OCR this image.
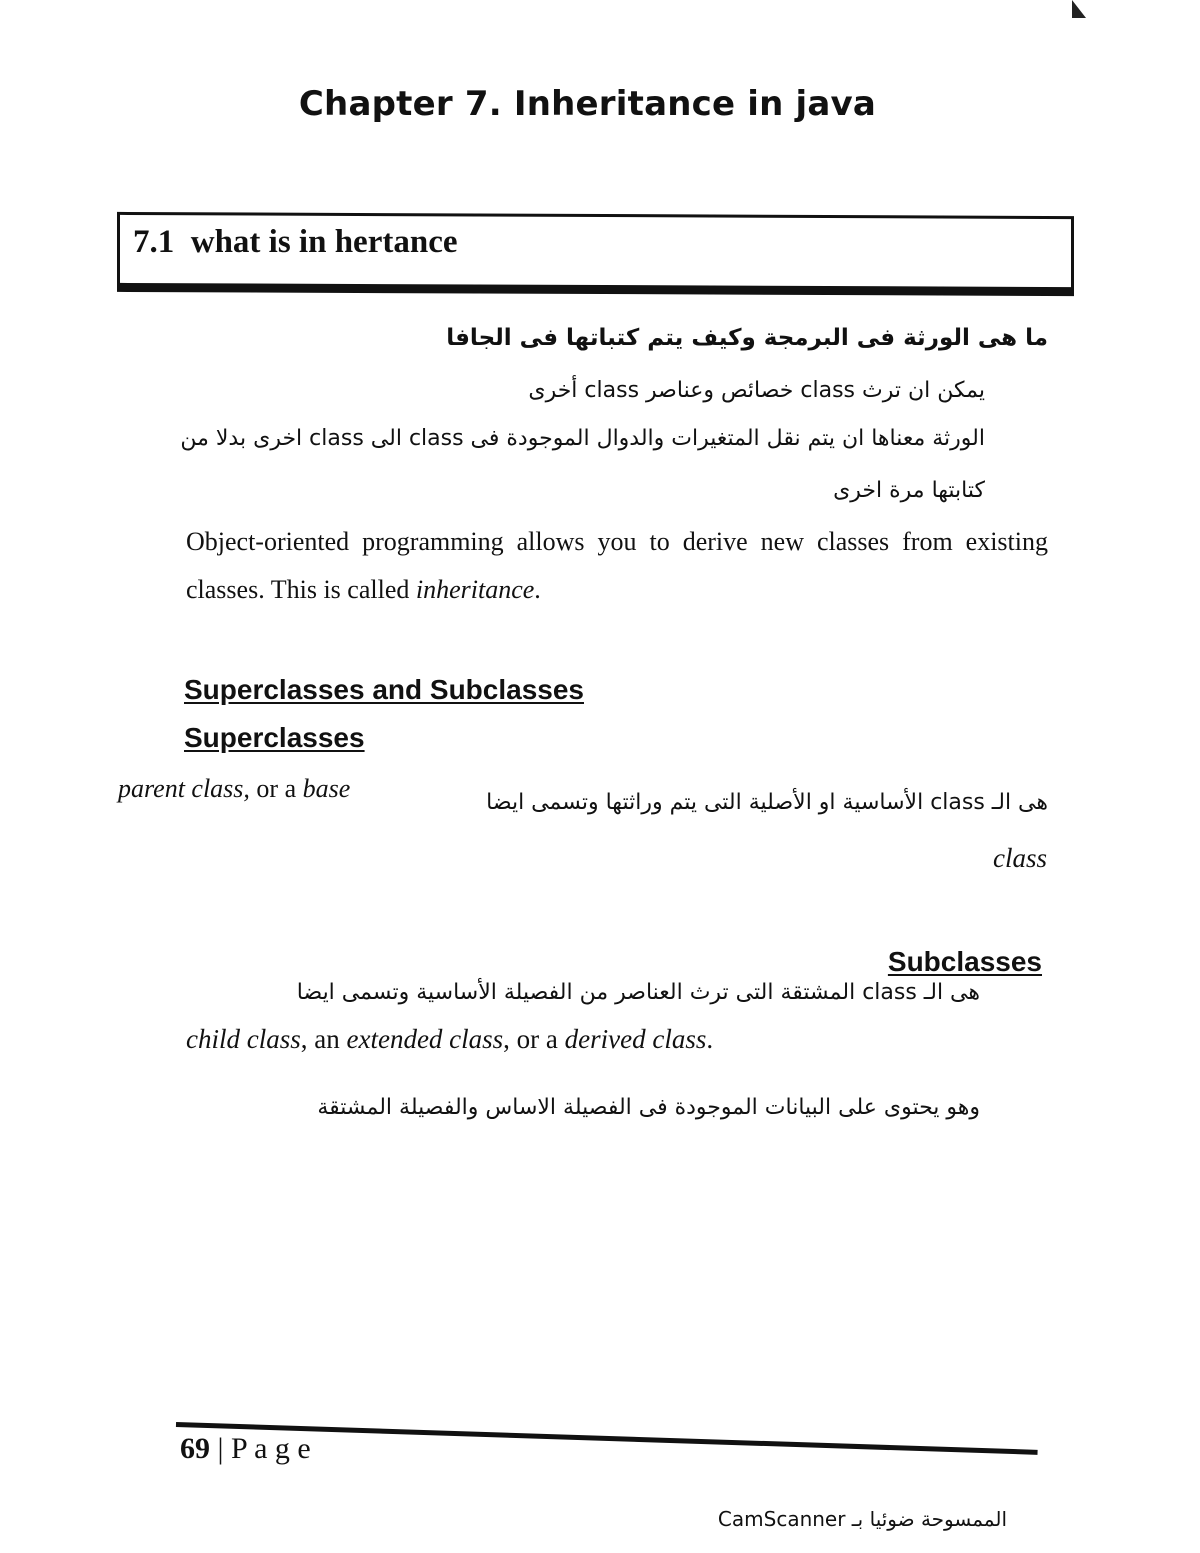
Chapter 7. Inheritance in java
7.1 what is in hertance

ما هى الورثة فى البرمجة وكيف يتم كتباتها فى الجافا

يمكن ان ترث class خصائص وعناصر class أخرى

الورثة معناها ان يتم نقل المتغيرات والدوال الموجودة فى class الى class اخرى بدلا من

كتابتها مرة اخرى

Object-oriented programming allows you to derive new classes from existing classes. This is called inheritance.

Superclasses and Subclasses
Superclasses

parent class, or a base	هى الـ class الأساسية او الأصلية التى يتم وراثتها وتسمى ايضا

class

Subclasses

هى الـ class المشتقة التى ترث العناصر من الفصيلة الأساسية وتسمى ايضا

child class, an extended class, or a derived class.

وهو يحتوى على البيانات الموجودة فى الفصيلة الاساس والفصيلة المشتقة

69 | P a g e

الممسوحة ضوئيا بـ CamScanner
